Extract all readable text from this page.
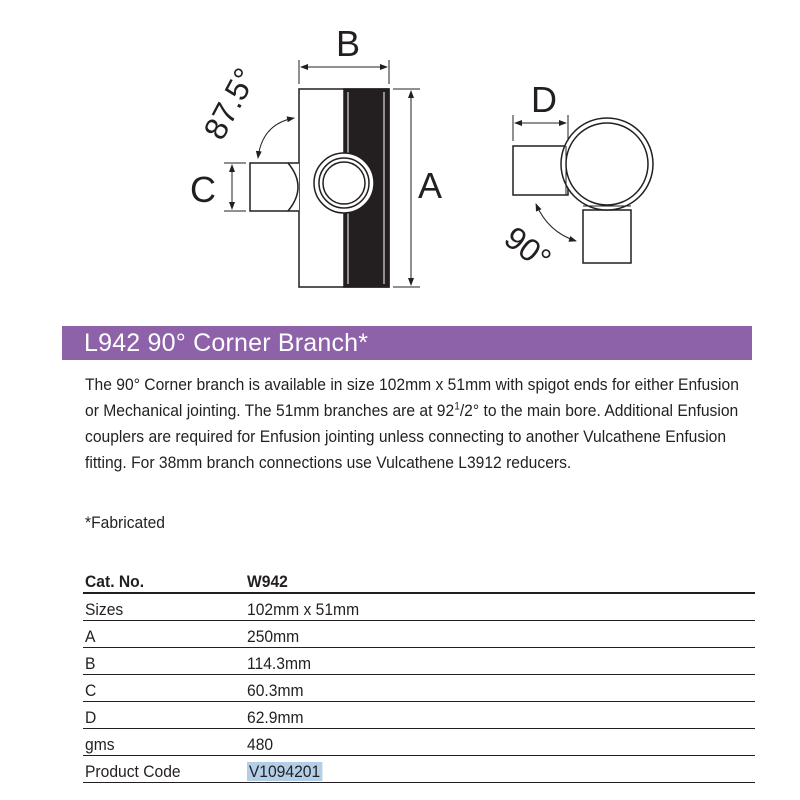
B
A
C
87.5°	D
90°
L942 90° Corner Branch*

The 90° Corner branch is available in size 102mm x 51mm with spigot ends for either Enfusion or Mechanical jointing. The 51mm branches are at $92^1/2^\circ$ to the main bore. Additional Enfusion couplers are required for Enfusion jointing unless connecting to another Vulcathene Enfusion fitting. For 38mm branch connections use Vulcathene L3912 reducers.

*Fabricated
Cat. No.	W942
Sizes	102mm x 51mm
A	250mm
B	114.3mm
C	60.3mm
D	62.9mm
gms	480
Product Code	V1094201
